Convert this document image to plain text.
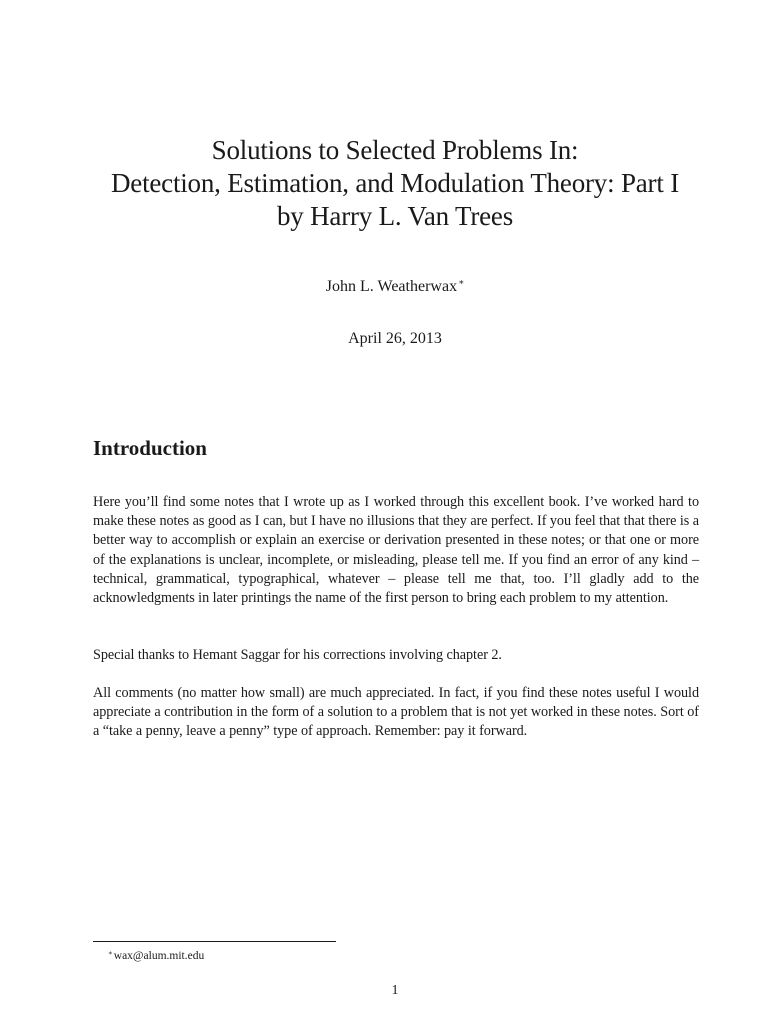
Solutions to Selected Problems In:
Detection, Estimation, and Modulation Theory: Part I
by Harry L. Van Trees
John L. Weatherwax∗
April 26, 2013
Introduction

Here you’ll find some notes that I wrote up as I worked through this excellent book. I’ve worked hard to make these notes as good as I can, but I have no illusions that they are perfect. If you feel that that there is a better way to accomplish or explain an exercise or derivation presented in these notes; or that one or more of the explanations is unclear, incomplete, or misleading, please tell me. If you find an error of any kind – technical, grammatical, typographical, whatever – please tell me that, too. I’ll gladly add to the acknowledgments in later printings the name of the first person to bring each problem to my attention.

Special thanks to Hemant Saggar for his corrections involving chapter 2.

All comments (no matter how small) are much appreciated. In fact, if you find these notes useful I would appreciate a contribution in the form of a solution to a problem that is not yet worked in these notes. Sort of a “take a penny, leave a penny” type of approach. Remember: pay it forward.

∗wax@alum.mit.edu
1
